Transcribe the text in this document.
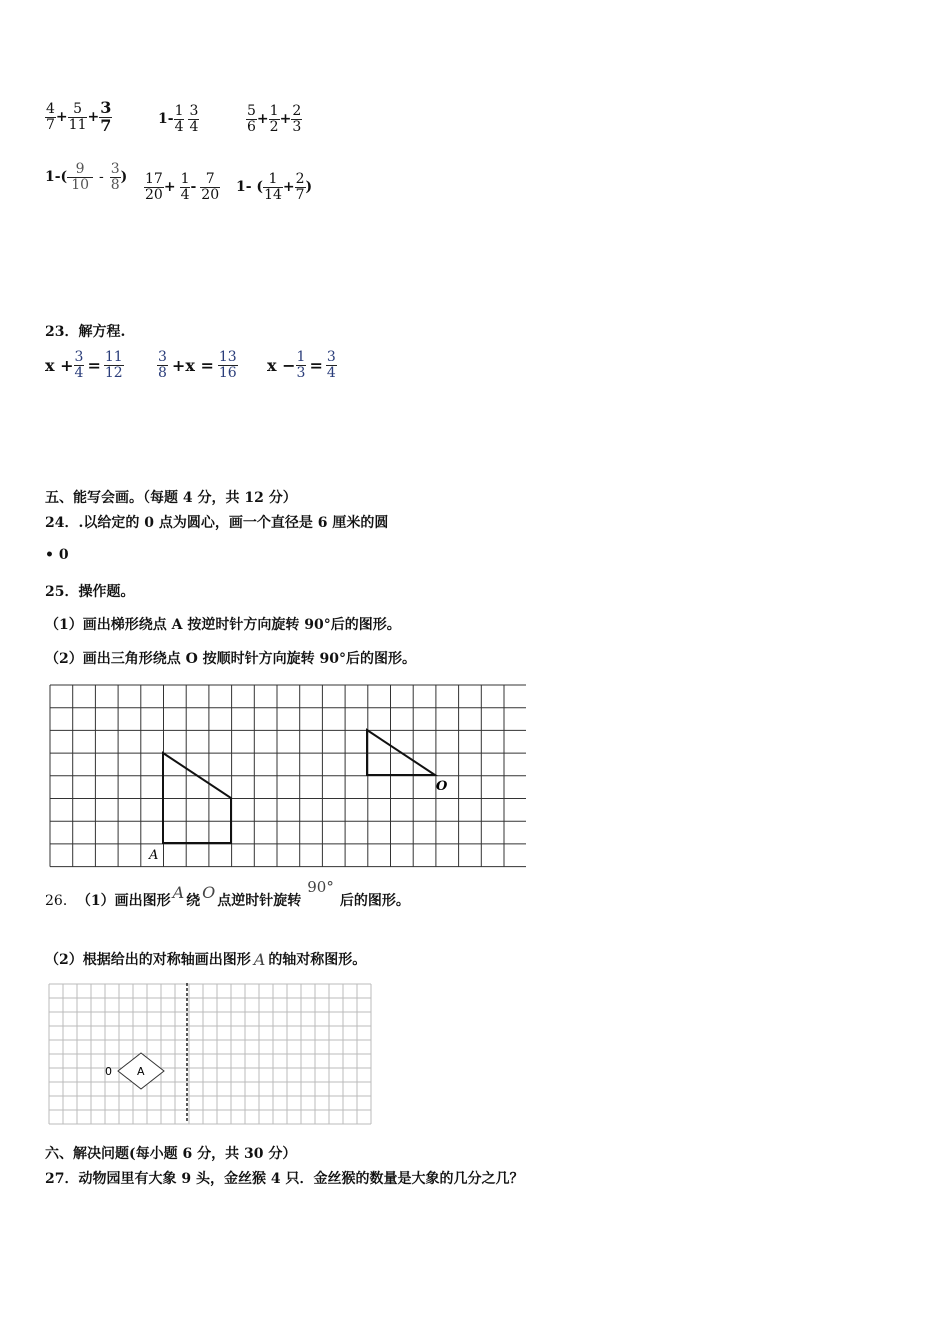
$\frac{4}{7} + \frac{5}{11} + \frac{3}{7}$	$1- \frac{1}{4} \frac{3}{4}$	$\frac{5}{6} + \frac{1}{2} + \frac{2}{3}$
$1-( \frac{9}{10} - \frac{3}{8}$ ) $\frac{17}{20} + \frac{1}{4} - \frac{7}{20} 1-$ ( $\frac{1}{14} + \frac{2}{7}$ )
23．解方程.
$x + \frac{3}{4} = \frac{11}{12} \frac{3}{8} +x = \frac{13}{16}$ $x - \frac{1}{3} = \frac{3}{4}$
五、能写会画。（每题 4 分，共 12 分）
24．.以给定的 0 点为圆心，画一个直径是 6 厘米的圆
• 0
25．操作题。
（1）画出梯形绕点 A 按逆时针方向旋转 90°后的图形。
（2）画出三角形绕点 O 按顺时针方向旋转 90°后的图形。
A
O
26． （1）画出图形 A 绕 O 点逆时针旋转
90°
后的图形。
（2）根据给出的对称轴画出图形 A 的轴对称图形。
A
0
六、解决问题(每小题 6 分，共 30 分）
27．动物园里有大象 9 头，金丝猴 4 只．金丝猴的数量是大象的几分之几？
